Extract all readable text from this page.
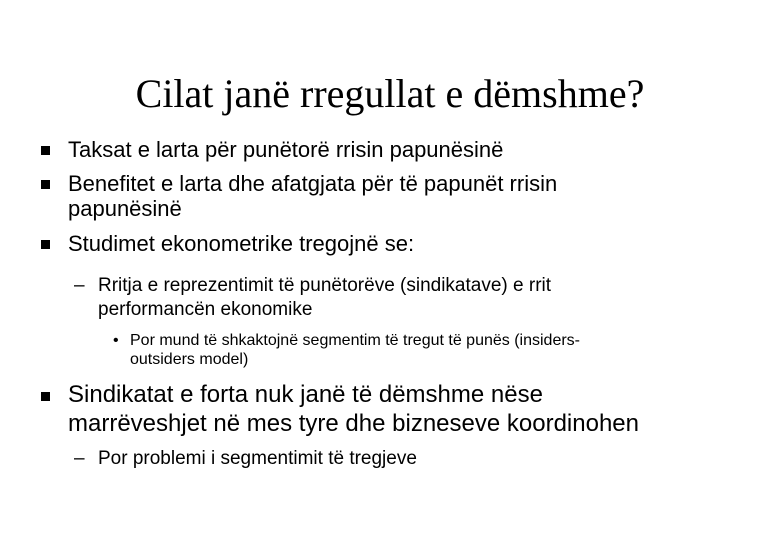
Cilat janë rregullat e dëmshme?
Taksat e larta për punëtorë rrisin papunësinë
Benefitet e larta dhe afatgjata për të papunët rrisin
papunësinë
Studimet ekonometrike tregojnë se:
– Rritja e reprezentimit të punëtorëve (sindikatave) e rrit
performancën ekonomike
• Por mund të shkaktojnë segmentim të tregut të punës (insiders-
outsiders model)
Sindikatat e forta nuk janë të dëmshme nëse
marrëveshjet në mes tyre dhe bizneseve koordinohen
– Por problemi i segmentimit të tregjeve
